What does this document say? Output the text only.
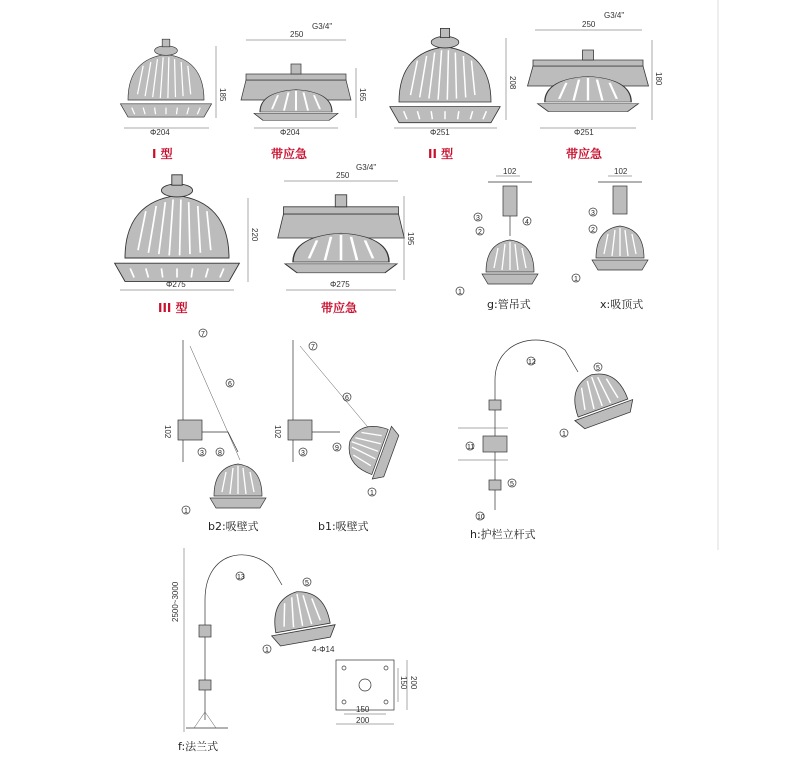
Φ204
185
I 型
250
G3/4"
Φ204
165
带应急
Φ251
208
II 型
250
G3/4"
Φ251
180
带应急
Φ275
220
III 型
250
G3/4"
Φ275
195
带应急
102
3
2
4
1
g:管吊式
102
3
2
1
x:吸顶式
102
7
6
3 8
1
b2:吸壁式
102
7
6
3
9
1
b1:吸壁式
12
5
11
5
10
1
h:护栏立杆式
2500~3000
13
5
1
f:法兰式
4-Φ14
150
200
150 200
